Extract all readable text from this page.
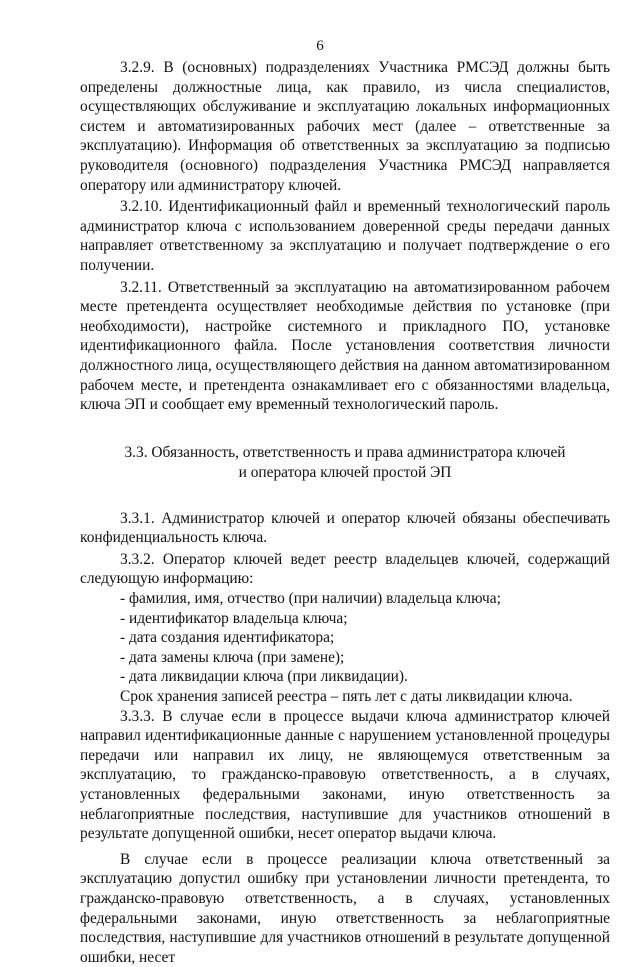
6

3.2.9. В (основных) подразделениях Участника РМСЭД должны быть определены должностные лица, как правило, из числа специалистов, осуществляющих обслуживание и эксплуатацию локальных информационных систем и автоматизированных рабочих мест (далее – ответственные за эксплуатацию). Информация об ответственных за эксплуатацию за подписью руководителя (основного) подразделения Участника РМСЭД направляется оператору или администратору ключей.

3.2.10. Идентификационный файл и временный технологический пароль администратор ключа с использованием доверенной среды передачи данных направляет ответственному за эксплуатацию и получает подтверждение о его получении.

3.2.11. Ответственный за эксплуатацию на автоматизированном рабочем месте претендента осуществляет необходимые действия по установке (при необходимости), настройке системного и прикладного ПО, установке идентификационного файла. После установления соответствия личности должностного лица, осуществляющего действия на данном автоматизированном рабочем месте, и претендента ознакамливает его с обязанностями владельца, ключа ЭП и сообщает ему временный технологический пароль.

3.3. Обязанность, ответственность и права администратора ключей
и оператора ключей простой ЭП

3.3.1. Администратор ключей и оператор ключей обязаны обеспечивать конфиденциальность ключа.

3.3.2. Оператор ключей ведет реестр владельцев ключей, содержащий следующую информацию:

- фамилия, имя, отчество (при наличии) владельца ключа;
- идентификатор владельца ключа;
- дата создания идентификатора;
- дата замены ключа (при замене);
- дата ликвидации ключа (при ликвидации).

Срок хранения записей реестра – пять лет с даты ликвидации ключа.

3.3.3. В случае если в процессе выдачи ключа администратор ключей направил идентификационные данные с нарушением установленной процедуры передачи или направил их лицу, не являющемуся ответственным за эксплуатацию, то гражданско-правовую ответственность, а в случаях, установленных федеральными законами, иную ответственность за неблагоприятные последствия, наступившие для участников отношений в результате допущенной ошибки, несет оператор выдачи ключа.

В случае если в процессе реализации ключа ответственный за эксплуатацию допустил ошибку при установлении личности претендента, то гражданско-правовую ответственность, а в случаях, установленных федеральными законами, иную ответственность за неблагоприятные последствия, наступившие для участников отношений в результате допущенной ошибки, несет
